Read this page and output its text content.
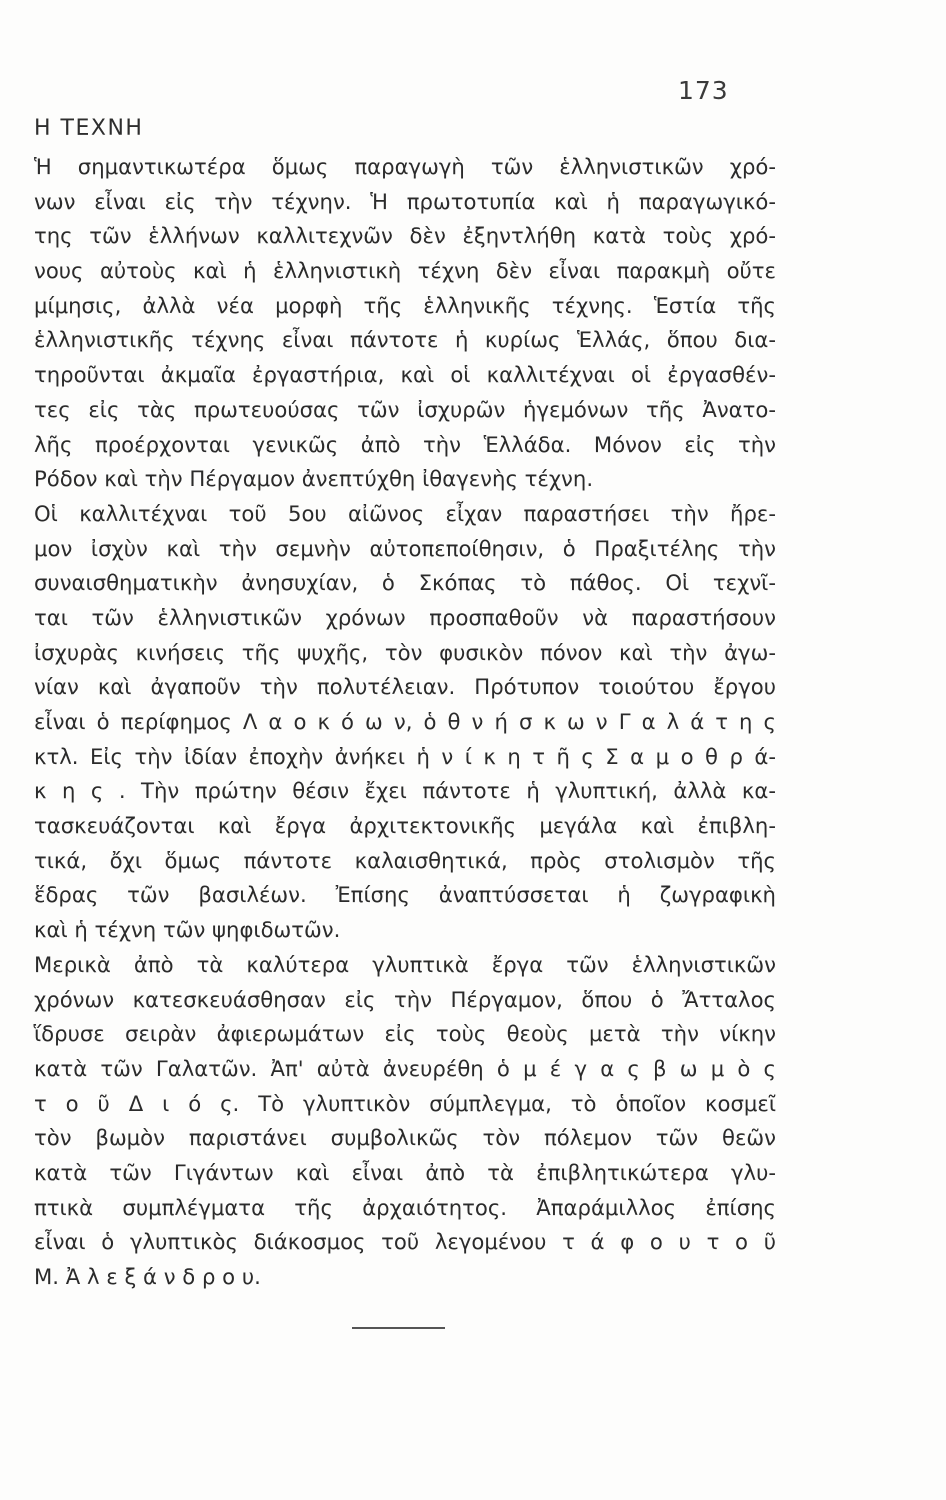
173
Η ΤΕΧΝΗ
Ἡ σημαντικωτέρα ὅμως παραγωγὴ τῶν ἑλληνιστικῶν χρό-
νων εἶναι εἰς τὴν τέχνην. Ἡ πρωτοτυπία καὶ ἡ παραγωγικό-
της τῶν ἑλλήνων καλλιτεχνῶν δὲν ἐξηντλήθη κατὰ τοὺς χρό-
νους αὐτοὺς καὶ ἡ ἑλληνιστικὴ τέχνη δὲν εἶναι παρακμὴ οὔτε
μίμησις, ἀλλὰ νέα μορφὴ τῆς ἑλληνικῆς τέχνης. Ἑστία τῆς
ἑλληνιστικῆς τέχνης εἶναι πάντοτε ἡ κυρίως Ἑλλάς, ὅπου δια-
τηροῦνται ἀκμαῖα ἐργαστήρια, καὶ οἱ καλλιτέχναι οἱ ἐργασθέν-
τες εἰς τὰς πρωτευούσας τῶν ἰσχυρῶν ἡγεμόνων τῆς Ἀνατο-
λῆς προέρχονται γενικῶς ἀπὸ τὴν Ἑλλάδα. Μόνον εἰς τὴν
Ρόδον καὶ τὴν Πέργαμον ἀνεπτύχθη ἰθαγενὴς τέχνη.
Οἱ καλλιτέχναι τοῦ 5ου αἰῶνος εἶχαν παραστήσει τὴν ἤρε-
μον ἰσχὺν καὶ τὴν σεμνὴν αὐτοπεποίθησιν, ὁ Πραξιτέλης τὴν
συναισθηματικὴν ἀνησυχίαν, ὁ Σκόπας τὸ πάθος. Οἱ τεχνῖ-
ται τῶν ἑλληνιστικῶν χρόνων προσπαθοῦν νὰ παραστήσουν
ἰσχυρὰς κινήσεις τῆς ψυχῆς, τὸν φυσικὸν πόνον καὶ τὴν ἀγω-
νίαν καὶ ἀγαποῦν τὴν πολυτέλειαν. Πρότυπον τοιούτου ἔργου
εἶναι ὁ περίφημος Λ α ο κ ό ω ν, ὁ θ ν ή σ κ ω ν Γ α λ ά τ η ς
κτλ. Εἰς τὴν ἰδίαν ἐποχὴν ἀνήκει ἡ ν ί κ η τ ῆ ς Σ α μ ο θ ρ ά-
κ η ς . Τὴν πρώτην θέσιν ἔχει πάντοτε ἡ γλυπτική, ἀλλὰ κα-
τασκευάζονται καὶ ἔργα ἀρχιτεκτονικῆς μεγάλα καὶ ἐπιβλη-
τικά, ὄχι ὅμως πάντοτε καλαισθητικά, πρὸς στολισμὸν τῆς
ἕδρας τῶν βασιλέων. Ἐπίσης ἀναπτύσσεται ἡ ζωγραφικὴ
καὶ ἡ τέχνη τῶν ψηφιδωτῶν.
Μερικὰ ἀπὸ τὰ καλύτερα γλυπτικὰ ἔργα τῶν ἑλληνιστικῶν
χρόνων κατεσκευάσθησαν εἰς τὴν Πέργαμον, ὅπου ὁ Ἄτταλος
ἵδρυσε σειρὰν ἀφιερωμάτων εἰς τοὺς θεοὺς μετὰ τὴν νίκην
κατὰ τῶν Γαλατῶν. Ἀπ' αὐτὰ ἀνευρέθη ὁ μ έ γ α ς β ω μ ὸ ς
τ ο ῦ Δ ι ό ς. Τὸ γλυπτικὸν σύμπλεγμα, τὸ ὁποῖον κοσμεῖ
τὸν βωμὸν παριστάνει συμβολικῶς τὸν πόλεμον τῶν θεῶν
κατὰ τῶν Γιγάντων καὶ εἶναι ἀπὸ τὰ ἐπιβλητικώτερα γλυ-
πτικὰ συμπλέγματα τῆς ἀρχαιότητος. Ἀπαράμιλλος ἐπίσης
εἶναι ὁ γλυπτικὸς διάκοσμος τοῦ λεγομένου τ ά φ ο υ τ ο ῦ
Μ. Ἀ λ ε ξ ά ν δ ρ ο υ.
